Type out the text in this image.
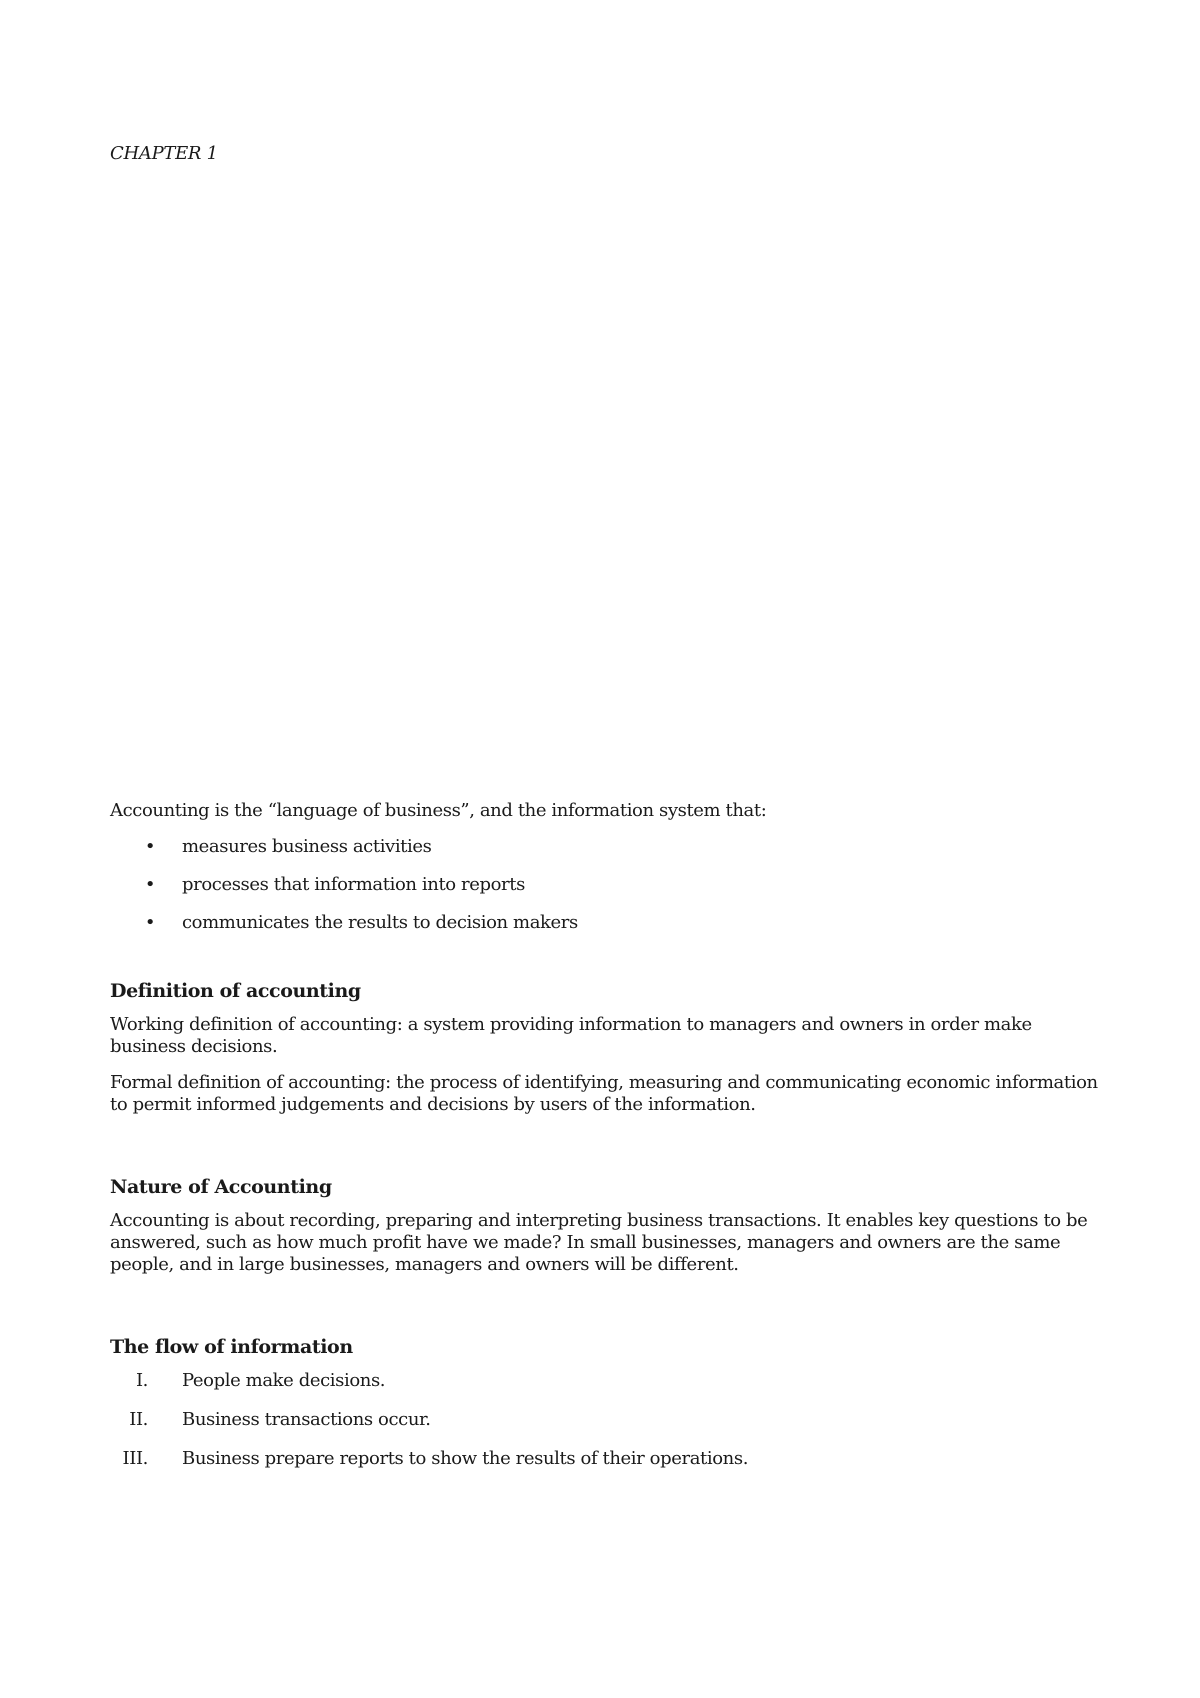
CHAPTER 1

Accounting is the “language of business”, and the information system that:

• measures business activities
• processes that information into reports
• communicates the results to decision makers
Definition of accounting

Working definition of accounting: a system providing information to managers and owners in order make business decisions.

Formal definition of accounting: the process of identifying, measuring and communicating economic information to permit informed judgements and decisions by users of the information.

Nature of Accounting

Accounting is about recording, preparing and interpreting business transactions. It enables key questions to be answered, such as how much profit have we made? In small businesses, managers and owners are the same people, and in large businesses, managers and owners will be different.

The flow of information
I. People make decisions.
II. Business transactions occur.
III. Business prepare reports to show the results of their operations.
